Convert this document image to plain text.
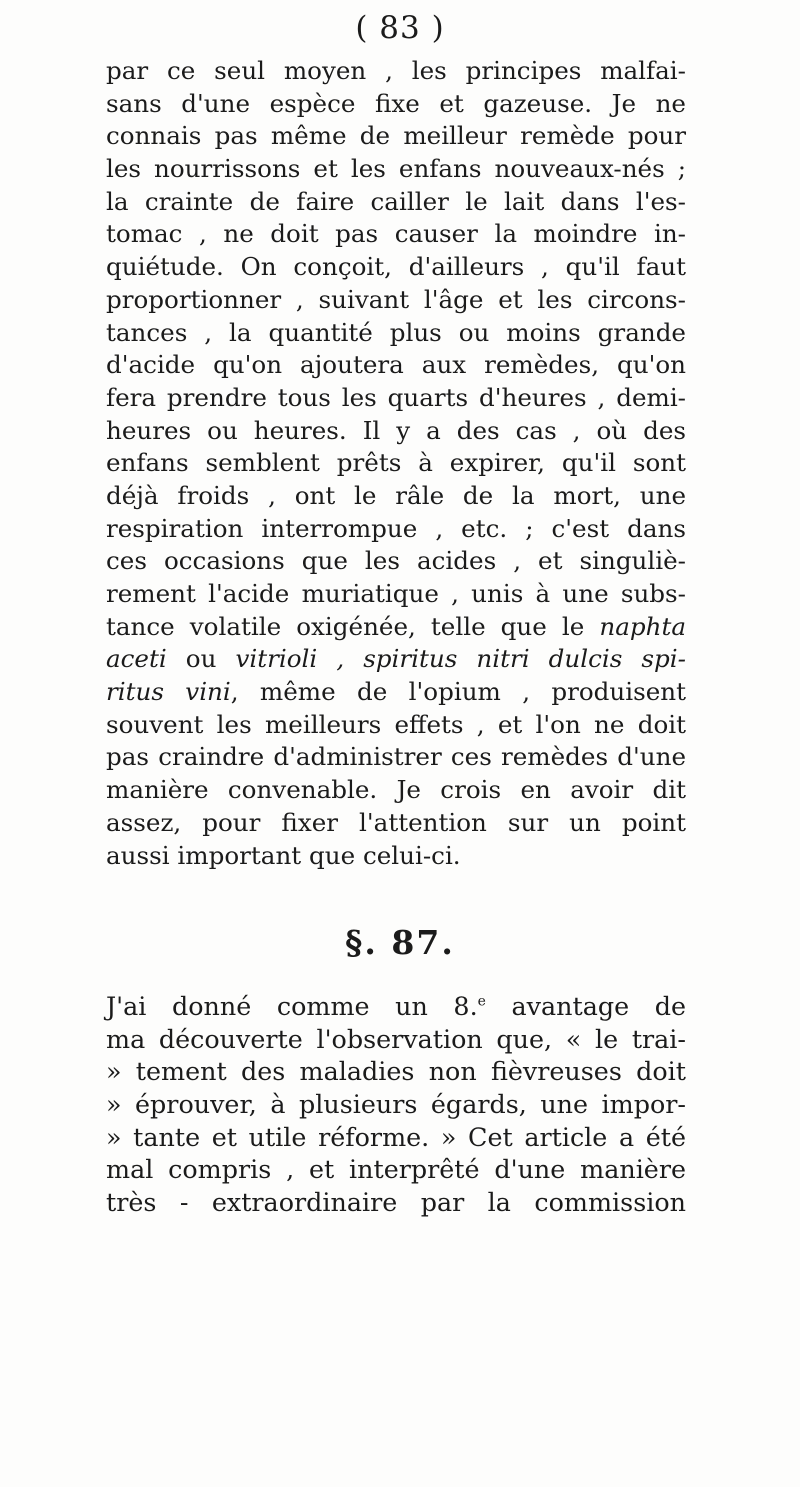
( 83 )
par ce seul moyen , les principes malfai-
sans d'une espèce fixe et gazeuse. Je ne
connais pas même de meilleur remède pour
les nourrissons et les enfans nouveaux-nés ;
la crainte de faire cailler le lait dans l'es-
tomac , ne doit pas causer la moindre in-
quiétude. On conçoit, d'ailleurs , qu'il faut
proportionner , suivant l'âge et les circons-
tances , la quantité plus ou moins grande
d'acide qu'on ajoutera aux remèdes, qu'on
fera prendre tous les quarts d'heures , demi-
heures ou heures. Il y a des cas , où des
enfans semblent prêts à expirer, qu'il sont
déjà froids , ont le râle de la mort, une
respiration interrompue , etc. ; c'est dans
ces occasions que les acides , et singuliè-
rement l'acide muriatique , unis à une subs-
tance volatile oxigénée, telle que le naphta
aceti ou vitrioli , spiritus nitri dulcis spi-
ritus vini, même de l'opium , produisent
souvent les meilleurs effets , et l'on ne doit
pas craindre d'administrer ces remèdes d'une
manière convenable. Je crois en avoir dit
assez, pour fixer l'attention sur un point
aussi important que celui-ci.
§. 87.
J'ai donné comme un 8.$^e$ avantage de
ma découverte l'observation que, « le trai-
» tement des maladies non fièvreuses doit
» éprouver, à plusieurs égards, une impor-
» tante et utile réforme. » Cet article a été
mal compris , et interprêté d'une manière
très - extraordinaire par la commission
